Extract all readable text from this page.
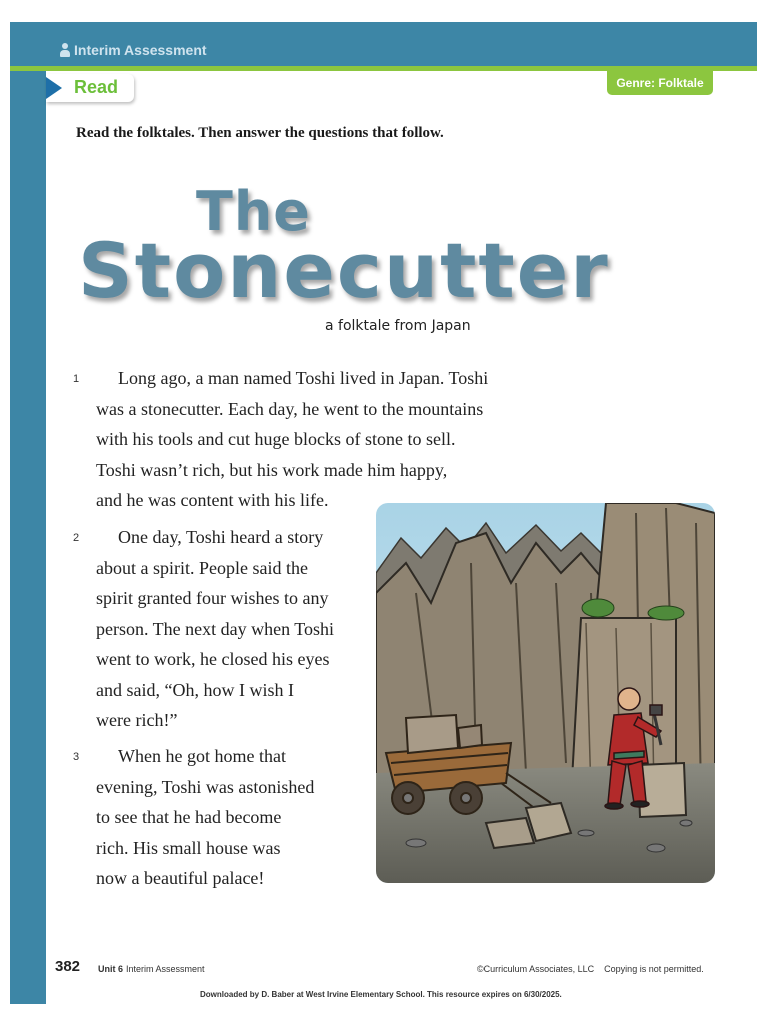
Interim Assessment
Read	Genre: Folktale
Read the folktales. Then answer the questions that follow.
The
Stonecutter
a folktale from Japan
1	Long ago, a man named Toshi lived in Japan. Toshi
was a stonecutter. Each day, he went to the mountains
with his tools and cut huge blocks of stone to sell.
Toshi wasn’t rich, but his work made him happy,
and he was content with his life.
2	One day, Toshi heard a story
about a spirit. People said the
spirit granted four wishes to any
person. The next day when Toshi
went to work, he closed his eyes
and said, “Oh, how I wish I
were rich!”
3	When he got home that
evening, Toshi was astonished
to see that he had become
rich. His small house was
now a beautiful palace!
382 Unit 6 Interim Assessment	©Curriculum Associates, LLC    Copying is not permitted.
Downloaded by D. Baber at West Irvine Elementary School. This resource expires on 6/30/2025.
